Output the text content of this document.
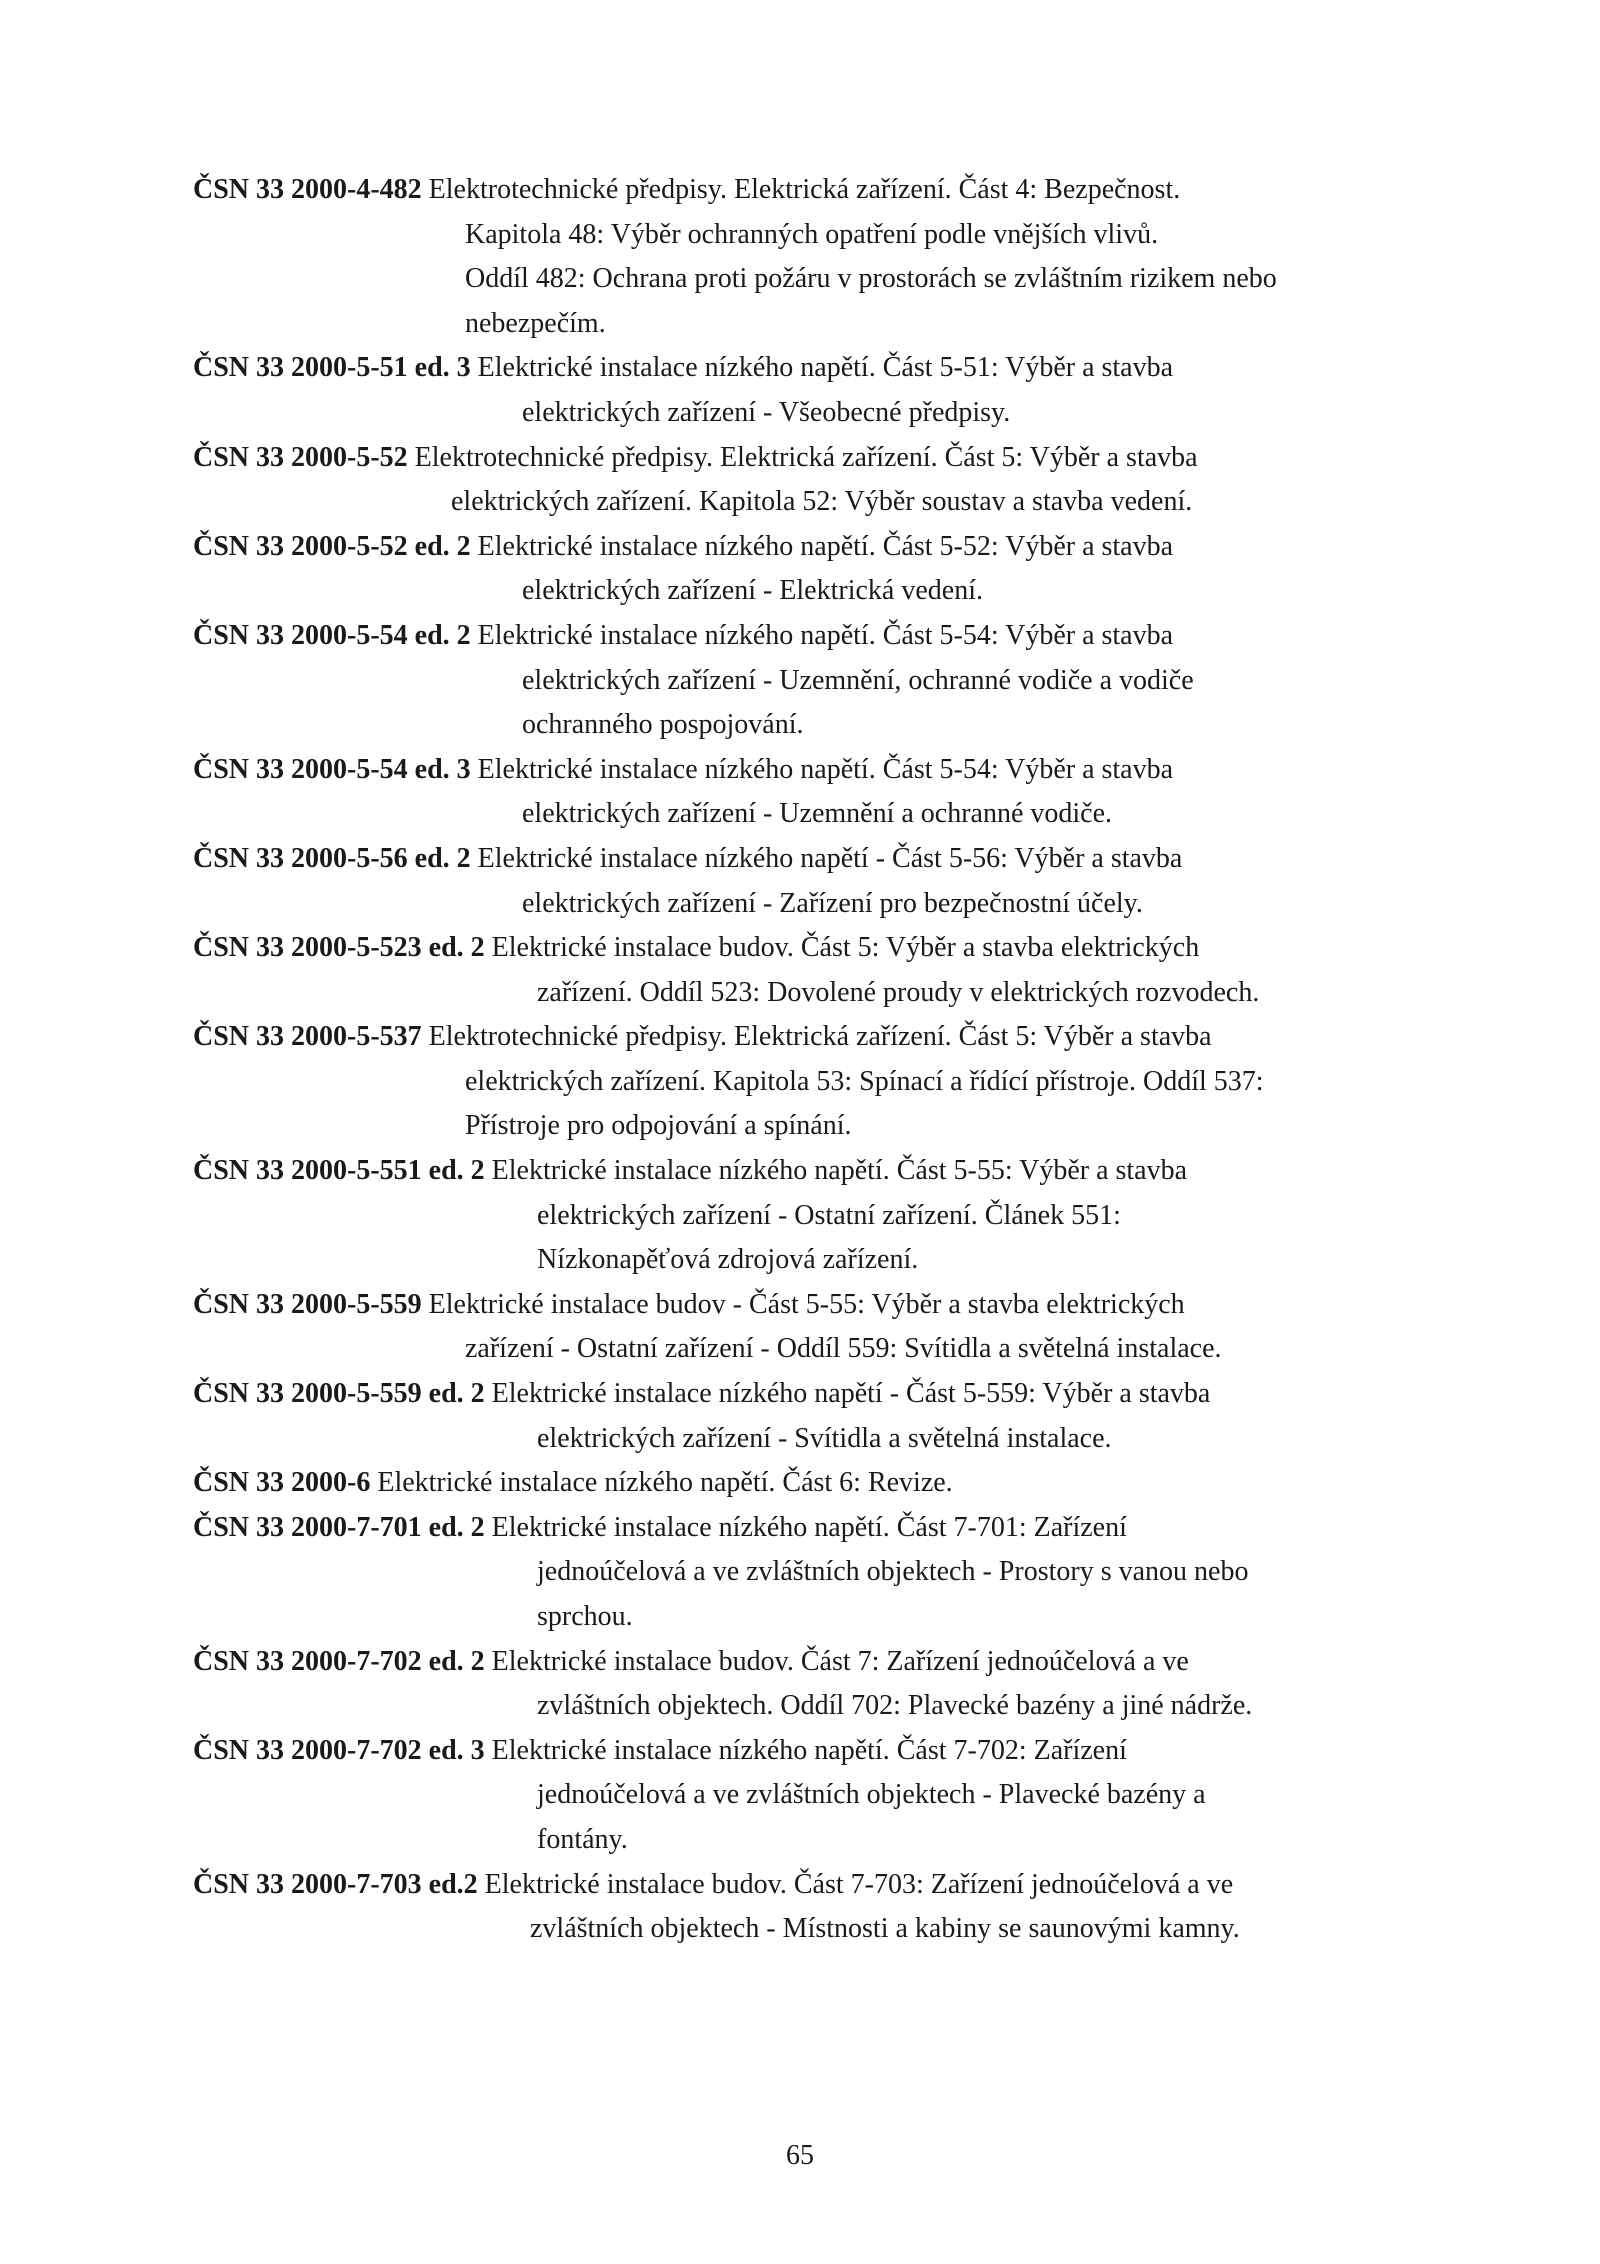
ČSN 33 2000-4-482 Elektrotechnické předpisy. Elektrická zařízení. Část 4: Bezpečnost.
Kapitola 48: Výběr ochranných opatření podle vnějších vlivů.
Oddíl 482: Ochrana proti požáru v prostorách se zvláštním rizikem nebo
nebezpečím.
ČSN 33 2000-5-51 ed. 3 Elektrické instalace nízkého napětí. Část 5-51: Výběr a stavba
elektrických zařízení - Všeobecné předpisy.
ČSN 33 2000-5-52 Elektrotechnické předpisy. Elektrická zařízení. Část 5: Výběr a stavba
elektrických zařízení. Kapitola 52: Výběr soustav a stavba vedení.
ČSN 33 2000-5-52 ed. 2 Elektrické instalace nízkého napětí. Část 5-52: Výběr a stavba
elektrických zařízení - Elektrická vedení.
ČSN 33 2000-5-54 ed. 2 Elektrické instalace nízkého napětí. Část 5-54: Výběr a stavba
elektrických zařízení - Uzemnění, ochranné vodiče a vodiče
ochranného pospojování.
ČSN 33 2000-5-54 ed. 3 Elektrické instalace nízkého napětí. Část 5-54: Výběr a stavba
elektrických zařízení - Uzemnění a ochranné vodiče.
ČSN 33 2000-5-56 ed. 2 Elektrické instalace nízkého napětí - Část 5-56: Výběr a stavba
elektrických zařízení - Zařízení pro bezpečnostní účely.
ČSN 33 2000-5-523 ed. 2 Elektrické instalace budov. Část 5: Výběr a stavba elektrických
zařízení. Oddíl 523: Dovolené proudy v elektrických rozvodech.
ČSN 33 2000-5-537 Elektrotechnické předpisy. Elektrická zařízení. Část 5: Výběr a stavba
elektrických zařízení. Kapitola 53: Spínací a řídící přístroje. Oddíl 537:
Přístroje pro odpojování a spínání.
ČSN 33 2000-5-551 ed. 2 Elektrické instalace nízkého napětí. Část 5-55: Výběr a stavba
elektrických zařízení - Ostatní zařízení. Článek 551:
Nízkonapěťová zdrojová zařízení.
ČSN 33 2000-5-559 Elektrické instalace budov - Část 5-55: Výběr a stavba elektrických
zařízení - Ostatní zařízení - Oddíl 559: Svítidla a světelná instalace.
ČSN 33 2000-5-559 ed. 2 Elektrické instalace nízkého napětí - Část 5-559: Výběr a stavba
elektrických zařízení - Svítidla a světelná instalace.
ČSN 33 2000-6 Elektrické instalace nízkého napětí. Část 6: Revize.
ČSN 33 2000-7-701 ed. 2 Elektrické instalace nízkého napětí. Část 7-701: Zařízení
jednoúčelová a ve zvláštních objektech - Prostory s vanou nebo
sprchou.
ČSN 33 2000-7-702 ed. 2 Elektrické instalace budov. Část 7: Zařízení jednoúčelová a ve
zvláštních objektech. Oddíl 702: Plavecké bazény a jiné nádrže.
ČSN 33 2000-7-702 ed. 3 Elektrické instalace nízkého napětí. Část 7-702: Zařízení
jednoúčelová a ve zvláštních objektech - Plavecké bazény a
fontány.
ČSN 33 2000-7-703 ed.2 Elektrické instalace budov. Část 7-703: Zařízení jednoúčelová a ve
zvláštních objektech - Místnosti a kabiny se saunovými kamny.
65
